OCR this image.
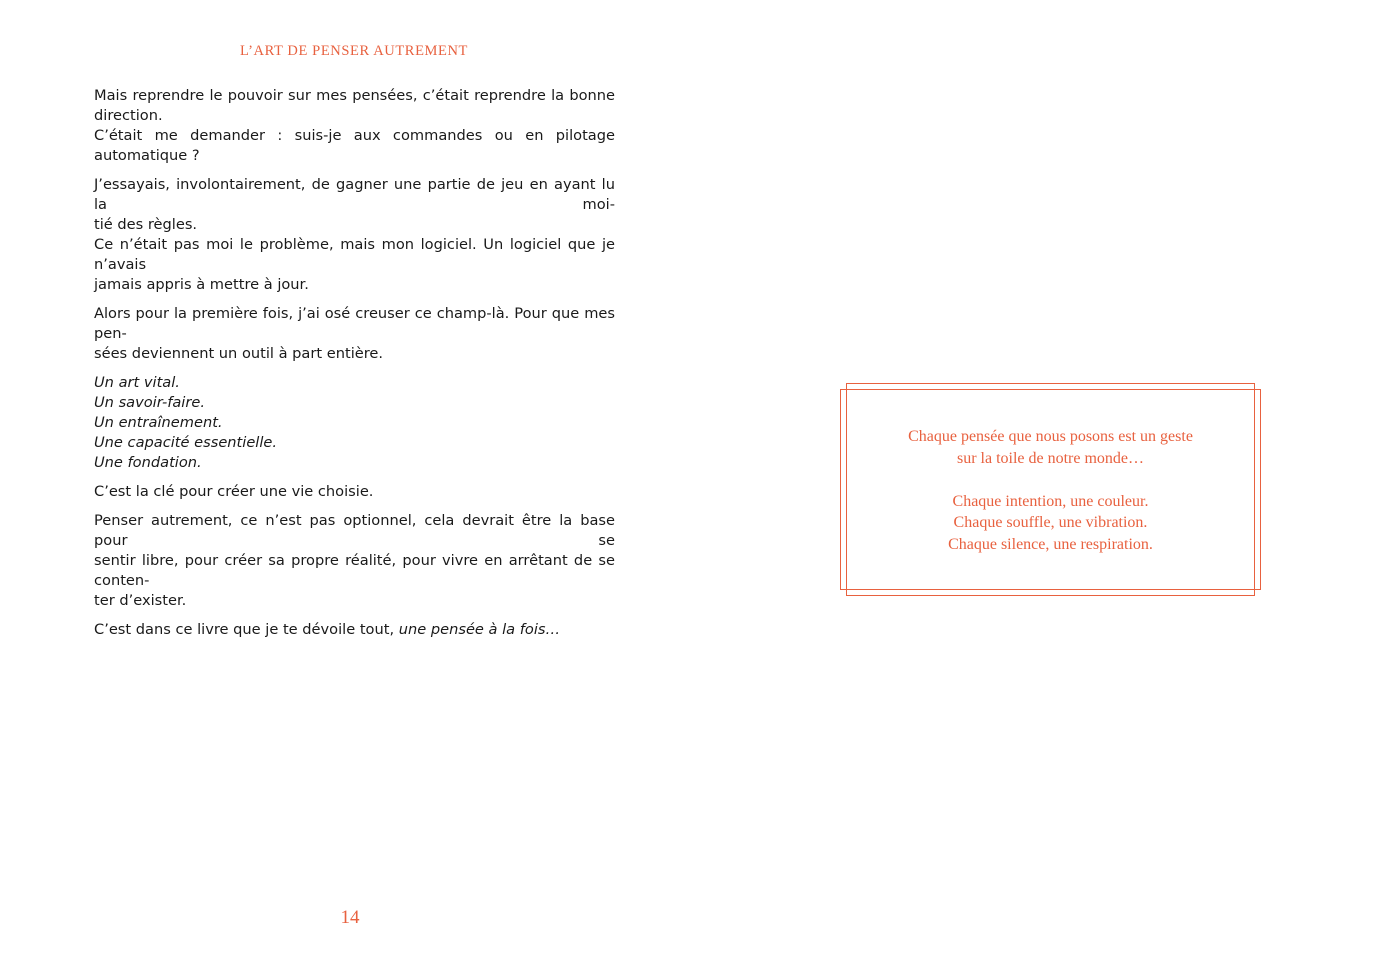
L’ART DE PENSER AUTREMENT

Mais reprendre le pouvoir sur mes pensées, c’était reprendre la bonne
direction.
C’était me demander : suis-je aux commandes ou en pilotage automatique ?

J’essayais, involontairement, de gagner une partie de jeu en ayant lu la moi-
tié des règles.
Ce n’était pas moi le problème, mais mon logiciel. Un logiciel que je n’avais
jamais appris à mettre à jour.

Alors pour la première fois, j’ai osé creuser ce champ-là. Pour que mes pen-
sées deviennent un outil à part entière.

Un art vital.
Un savoir-faire.
Un entraînement.
Une capacité essentielle.
Une fondation.

C’est la clé pour créer une vie choisie.

Penser autrement, ce n’est pas optionnel, cela devrait être la base pour se
sentir libre, pour créer sa propre réalité, pour vivre en arrêtant de se conten-
ter d’exister.

C’est dans ce livre que je te dévoile tout, une pensée à la fois…

14
Chaque pensée que nous posons est un geste
sur la toile de notre monde…
Chaque intention, une couleur.
Chaque souffle, une vibration.
Chaque silence, une respiration.
